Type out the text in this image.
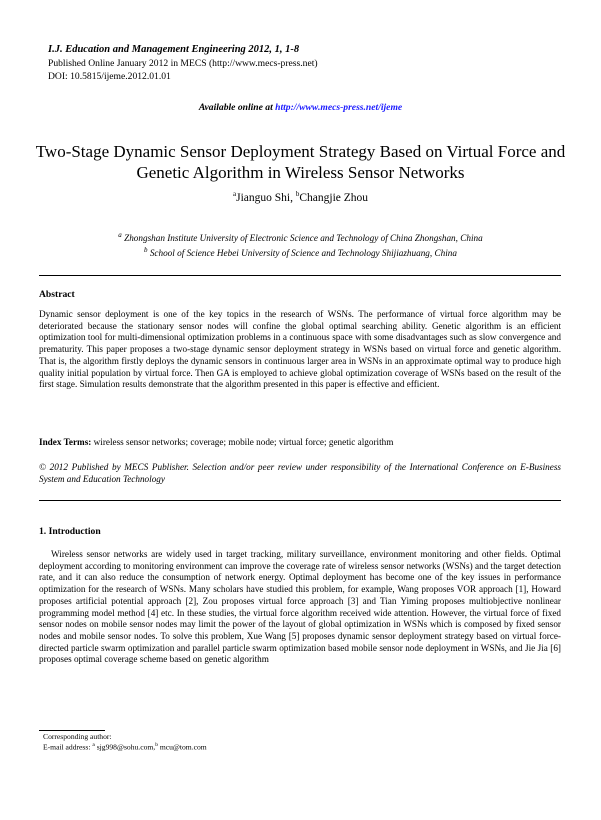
I.J. Education and Management Engineering 2012, 1, 1-8
Published Online January 2012 in MECS (http://www.mecs-press.net)
DOI: 10.5815/ijeme.2012.01.01
Available online at http://www.mecs-press.net/ijeme
Two-Stage Dynamic Sensor Deployment Strategy Based on Virtual Force and Genetic Algorithm in Wireless Sensor Networks
$^a$Jianguo Shi, $^b$Changjie Zhou
$^a$ Zhongshan Institute University of Electronic Science and Technology of China Zhongshan, China
$^b$ School of Science Hebei University of Science and Technology Shijiazhuang, China
Abstract
Dynamic sensor deployment is one of the key topics in the research of WSNs. The performance of virtual force algorithm may be deteriorated because the stationary sensor nodes will confine the global optimal searching ability. Genetic algorithm is an efficient optimization tool for multi-dimensional optimization problems in a continuous space with some disadvantages such as slow convergence and prematurity. This paper proposes a two-stage dynamic sensor deployment strategy in WSNs based on virtual force and genetic algorithm. That is, the algorithm firstly deploys the dynamic sensors in continuous larger area in WSNs in an approximate optimal way to produce high quality initial population by virtual force. Then GA is employed to achieve global optimization coverage of WSNs based on the result of the first stage. Simulation results demonstrate that the algorithm presented in this paper is effective and efficient.
Index Terms: wireless sensor networks; coverage; mobile node; virtual force; genetic algorithm
© 2012 Published by MECS Publisher. Selection and/or peer review under responsibility of the International Conference on E-Business System and Education Technology
1. Introduction
Wireless sensor networks are widely used in target tracking, military surveillance, environment monitoring and other fields. Optimal deployment according to monitoring environment can improve the coverage rate of wireless sensor networks (WSNs) and the target detection rate, and it can also reduce the consumption of network energy. Optimal deployment has become one of the key issues in performance optimization for the research of WSNs. Many scholars have studied this problem, for example, Wang proposes VOR approach [1], Howard proposes artificial potential approach [2], Zou proposes virtual force approach [3] and Tian Yiming proposes multiobjective nonlinear programming model method [4] etc. In these studies, the virtual force algorithm received wide attention. However, the virtual force of fixed sensor nodes on mobile sensor nodes may limit the power of the layout of global optimization in WSNs which is composed by fixed sensor nodes and mobile sensor nodes. To solve this problem, Xue Wang [5] proposes dynamic sensor deployment strategy based on virtual force-directed particle swarm optimization and parallel particle swarm optimization based mobile sensor node deployment in WSNs, and Jie Jia [6] proposes optimal coverage scheme based on genetic algorithm
Corresponding author:
E-mail address: $^a$ sjg998@sohu.com,$^b$ mcu@tom.com
